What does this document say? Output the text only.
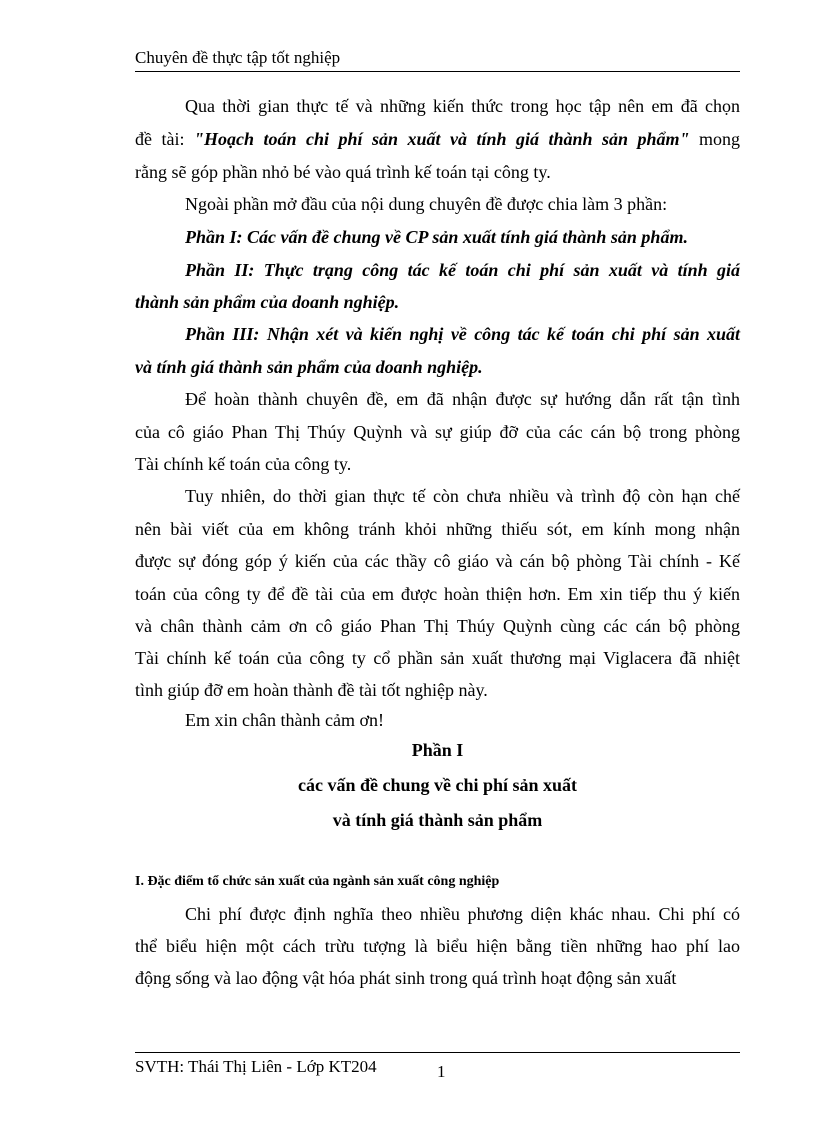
Chuyên đề thực tập tốt nghiệp
Qua thời gian thực tế và những kiến thức trong học tập nên em đã chọn
đề tài: "Hoạch toán chi phí sản xuất và tính giá thành sản phẩm" mong
rằng sẽ góp phần nhỏ bé vào quá trình kế toán tại công ty.
Ngoài phần mở đầu của nội dung chuyên đề được chia làm 3 phần:
Phần I: Các vấn đề chung về CP sản xuất tính giá thành sản phẩm.
Phần II: Thực trạng công tác kế toán chi phí sản xuất và tính giá
thành sản phẩm của doanh nghiệp.
Phần III: Nhận xét và kiến nghị về công tác kế toán chi phí sản xuất
và tính giá thành sản phẩm của doanh nghiệp.
Để hoàn thành chuyên đề, em đã nhận được sự hướng dẫn rất tận tình
của cô giáo Phan Thị Thúy Quỳnh và sự giúp đỡ của các cán bộ trong phòng
Tài chính kế toán của công ty.
Tuy nhiên, do thời gian thực tế còn chưa nhiều và trình độ còn hạn chế
nên bài viết của em không tránh khỏi những thiếu sót, em kính mong nhận
được sự đóng góp ý kiến của các thầy cô giáo và cán bộ phòng Tài chính - Kế
toán của công ty để đề tài của em được hoàn thiện hơn. Em xin tiếp thu ý kiến
và chân thành cảm ơn cô giáo Phan Thị Thúy Quỳnh cùng các cán bộ phòng
Tài chính kế toán của công ty cổ phần sản xuất thương mại Viglacera đã nhiệt
tình giúp đỡ em hoàn thành đề tài tốt nghiệp này.
Em xin chân thành cảm ơn!
Phần I
các vấn đề chung về chi phí sản xuất
và tính giá thành sản phẩm
I. Đặc điểm tổ chức sản xuất của ngành sản xuất công nghiệp
Chi phí được định nghĩa theo nhiều phương diện khác nhau. Chi phí có
thể biểu hiện một cách trừu tượng là biểu hiện bằng tiền những hao phí lao
động sống và lao động vật hóa phát sinh trong quá trình hoạt động sản xuất
SVTH: Thái Thị Liên - Lớp KT204	1
